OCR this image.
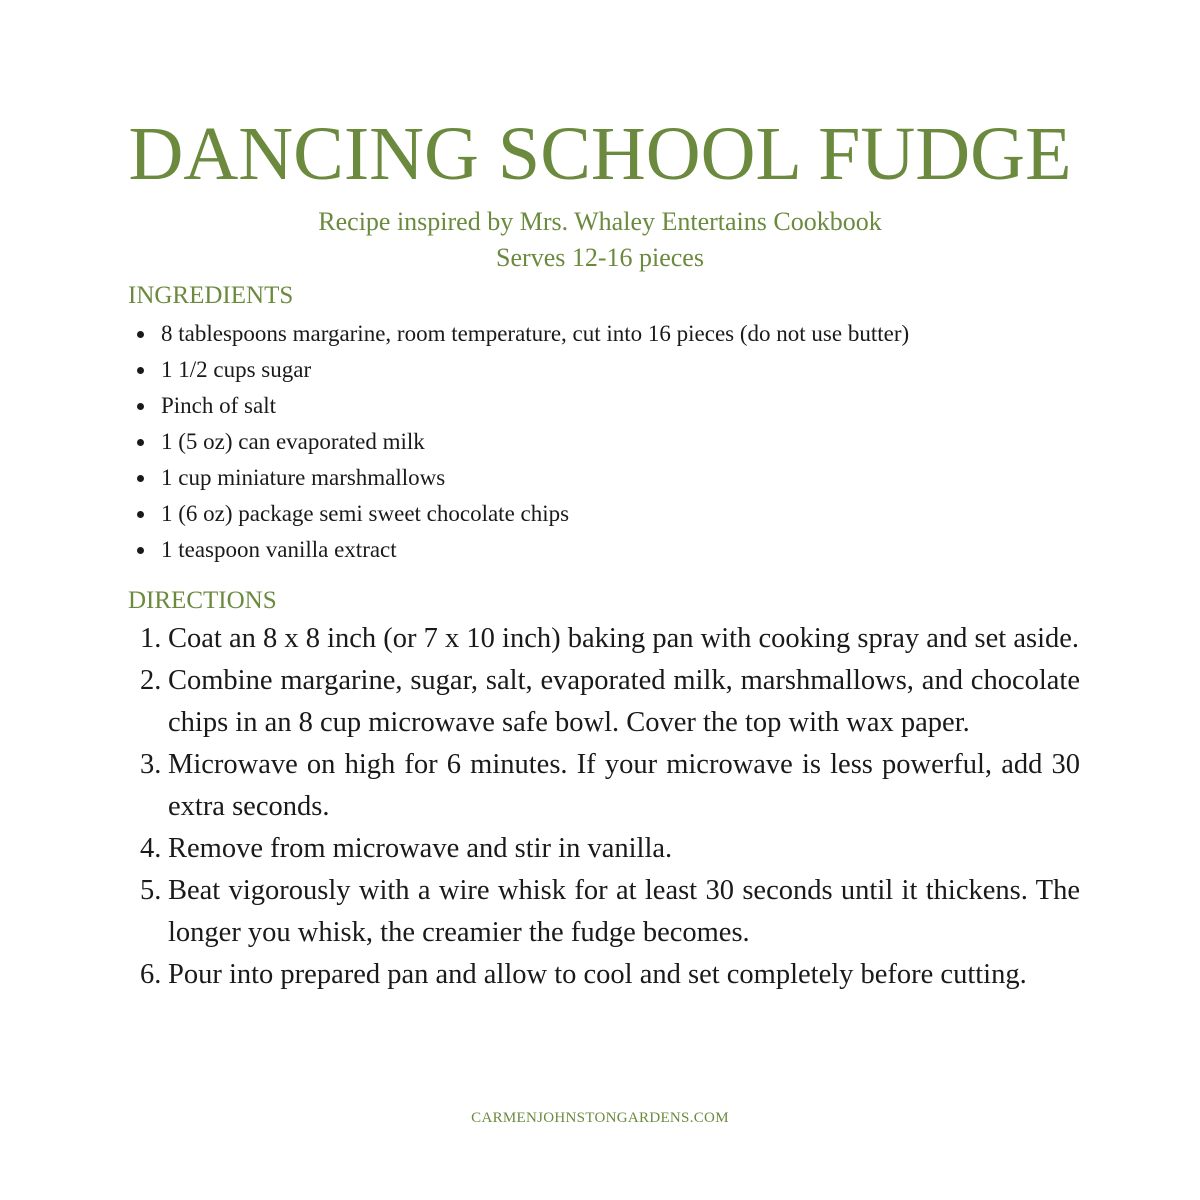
DANCING SCHOOL FUDGE
Recipe inspired by Mrs. Whaley Entertains Cookbook
Serves 12-16 pieces
INGREDIENTS
8 tablespoons margarine, room temperature, cut into 16 pieces (do not use butter)
1 1/2 cups sugar
Pinch of salt
1 (5 oz) can evaporated milk
1 cup miniature marshmallows
1 (6 oz) package semi sweet chocolate chips
1 teaspoon vanilla extract
DIRECTIONS
1. Coat an 8 x 8 inch (or 7 x 10 inch) baking pan with cooking spray and set aside.
2. Combine margarine, sugar, salt, evaporated milk, marshmallows, and chocolate chips in an 8 cup microwave safe bowl. Cover the top with wax paper.
3. Microwave on high for 6 minutes. If your microwave is less powerful, add 30 extra seconds.
4. Remove from microwave and stir in vanilla.
5. Beat vigorously with a wire whisk for at least 30 seconds until it thickens. The longer you whisk, the creamier the fudge becomes.
6. Pour into prepared pan and allow to cool and set completely before cutting.
CARMENJOHNSTONGARDENS.COM
